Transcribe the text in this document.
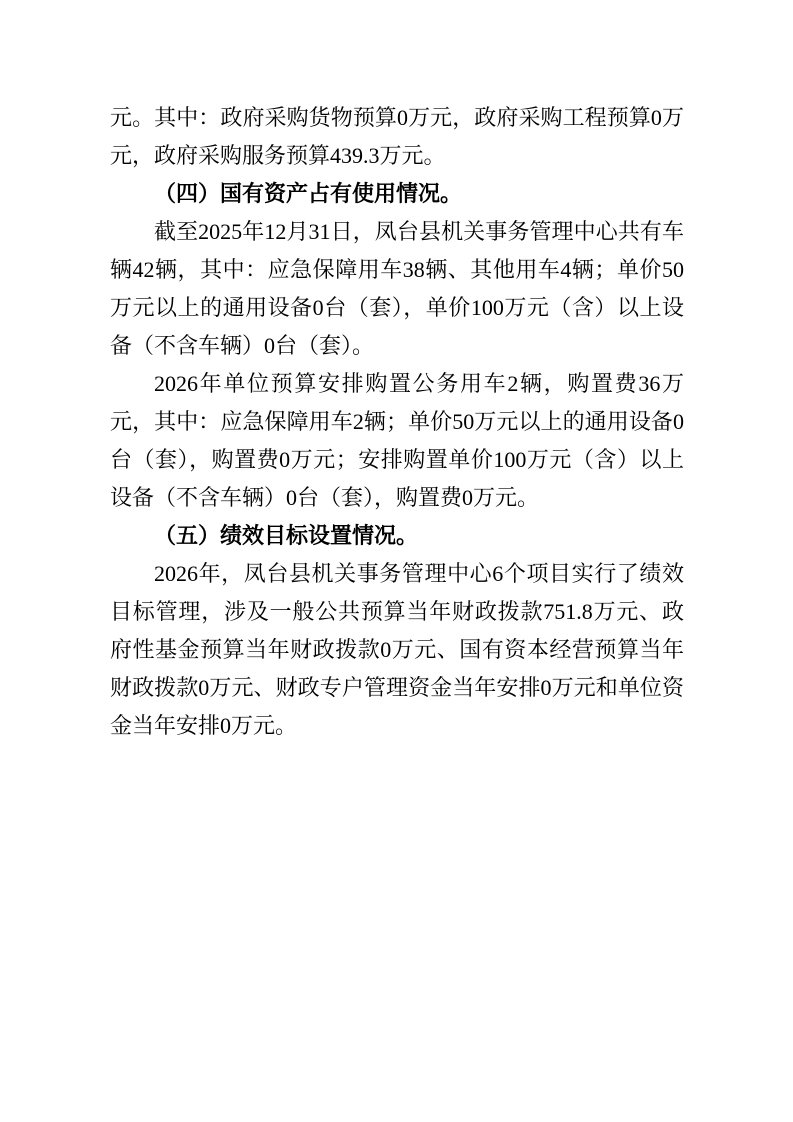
元。其中：政府采购货物预算0万元，政府采购工程预算0万元，政府采购服务预算439.3万元。

（四）国有资产占有使用情况。

截至2025年12月31日，凤台县机关事务管理中心共有车辆42辆，其中：应急保障用车38辆、其他用车4辆；单价50万元以上的通用设备0台（套），单价100万元（含）以上设备（不含车辆）0台（套）。

2026年单位预算安排购置公务用车2辆，购置费36万元，其中：应急保障用车2辆；单价50万元以上的通用设备0台（套），购置费0万元；安排购置单价100万元（含）以上设备（不含车辆）0台（套），购置费0万元。

（五）绩效目标设置情况。

2026年，凤台县机关事务管理中心6个项目实行了绩效目标管理，涉及一般公共预算当年财政拨款751.8万元、政府性基金预算当年财政拨款0万元、国有资本经营预算当年财政拨款0万元、财政专户管理资金当年安排0万元和单位资金当年安排0万元。
